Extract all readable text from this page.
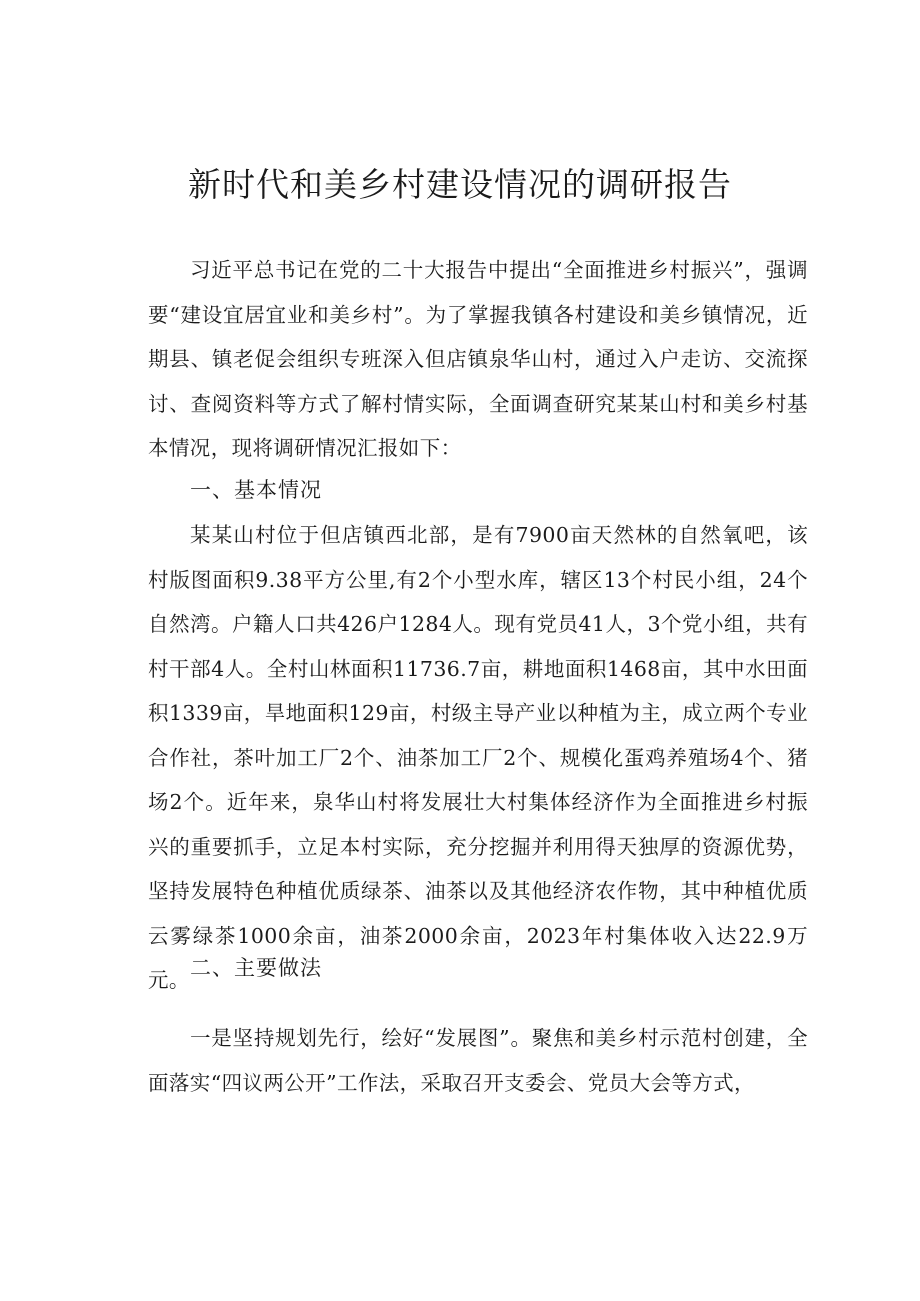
新时代和美乡村建设情况的调研报告

习近平总书记在党的二十大报告中提出“全面推进乡村振兴”，强调要“建设宜居宜业和美乡村”。为了掌握我镇各村建设和美乡镇情况，近期县、镇老促会组织专班深入但店镇泉华山村，通过入户走访、交流探讨、查阅资料等方式了解村情实际，全面调查研究某某山村和美乡村基本情况，现将调研情况汇报如下：

一、基本情况

某某山村位于但店镇西北部，是有7900亩天然林的自然氧吧，该村版图面积9.38平方公里,有2个小型水库，辖区13个村民小组，24个自然湾。户籍人口共426户1284人。现有党员41人，3个党小组，共有村干部4人。全村山林面积11736.7亩，耕地面积1468亩，其中水田面积1339亩，旱地面积129亩，村级主导产业以种植为主，成立两个专业合作社，茶叶加工厂2个、油茶加工厂2个、规模化蛋鸡养殖场4个、猪场2个。近年来，泉华山村将发展壮大村集体经济作为全面推进乡村振兴的重要抓手，立足本村实际，充分挖掘并利用得天独厚的资源优势，坚持发展特色种植优质绿茶、油茶以及其他经济农作物，其中种植优质云雾绿茶1000余亩，油茶2000余亩，2023年村集体收入达22.9万元。 二、主要做法

一是坚持规划先行，绘好“发展图”。聚焦和美乡村示范村创建，全面落实“四议两公开”工作法，采取召开支委会、党员大会等方式，
